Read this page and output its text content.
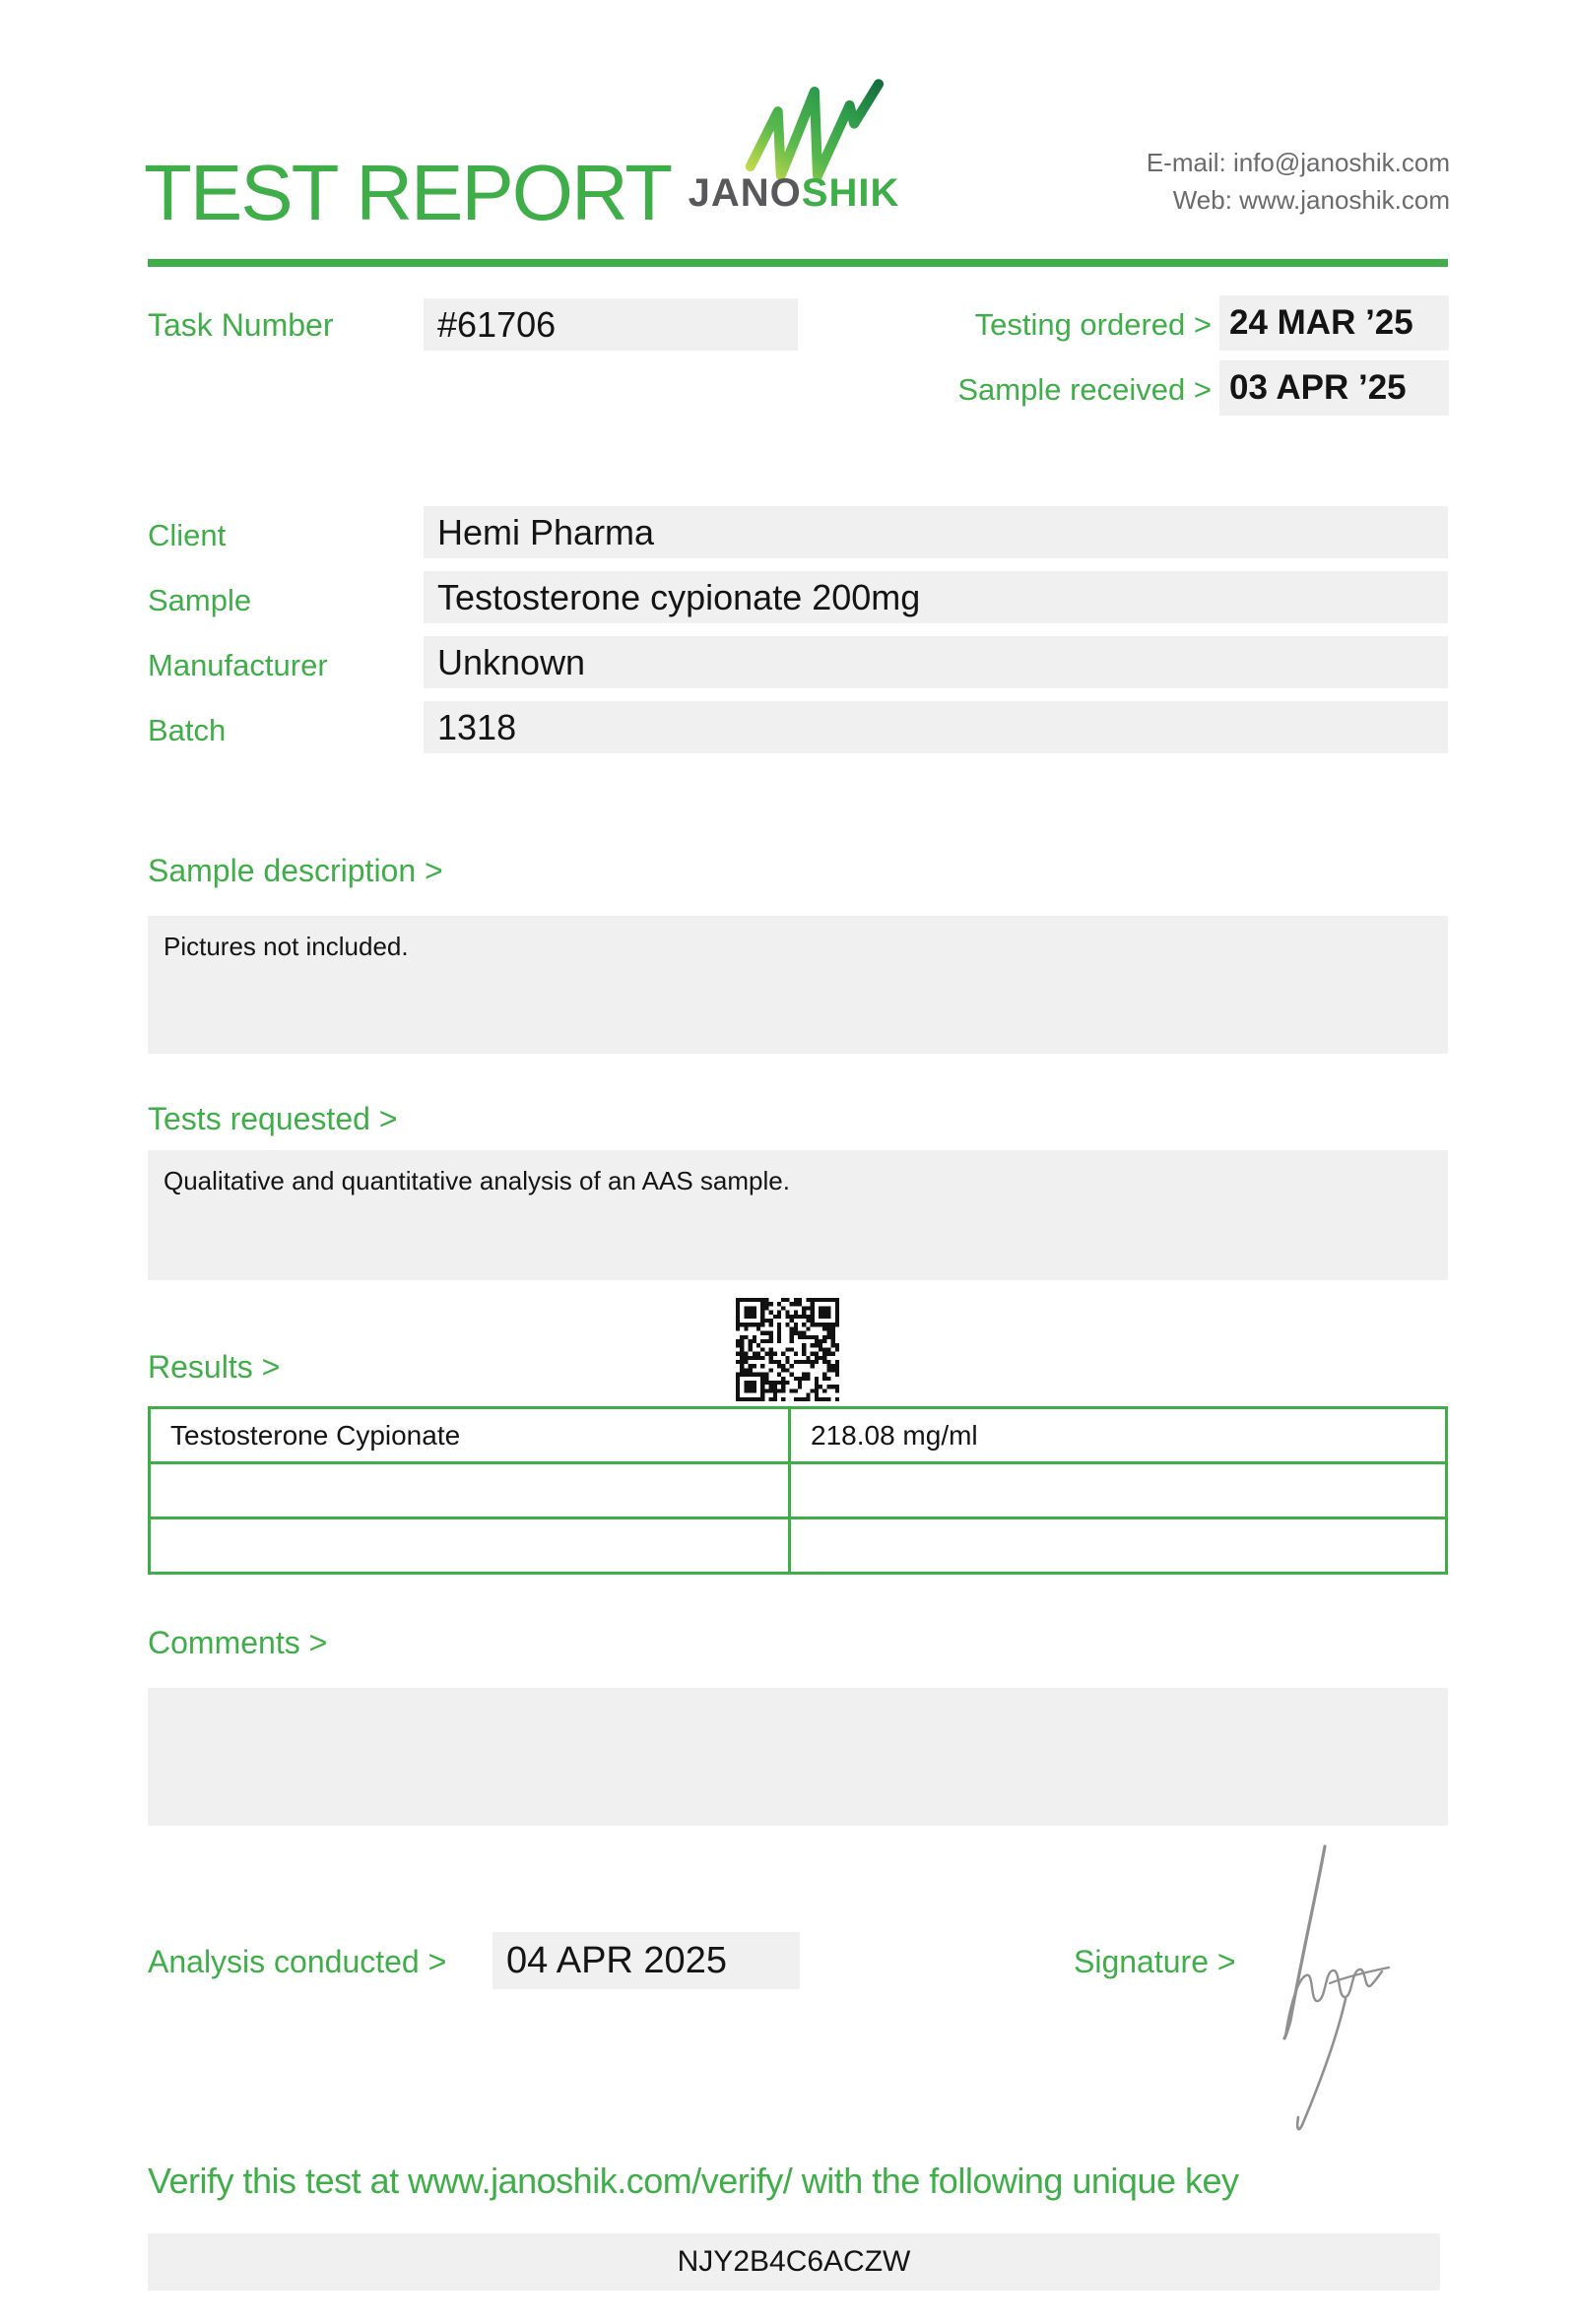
TEST REPORT JANOSHIK
E-mail: info@janoshik.com
Web: www.janoshik.com
Task Number	#61706	Testing ordered > 24 MAR ’25
Sample received > 03 APR ’25
Client	Hemi Pharma
Sample	Testosterone cypionate 200mg
Manufacturer	Unknown
Batch	1318
Sample description >
Pictures not included.
Tests requested >
Qualitative and quantitative analysis of an AAS sample.
Results >
Testosterone Cypionate	218.08 mg/ml

Comments >
Analysis conducted >	04 APR 2025	Signature >
Verify this test at www.janoshik.com/verify/ with the following unique key
NJY2B4C6ACZW
